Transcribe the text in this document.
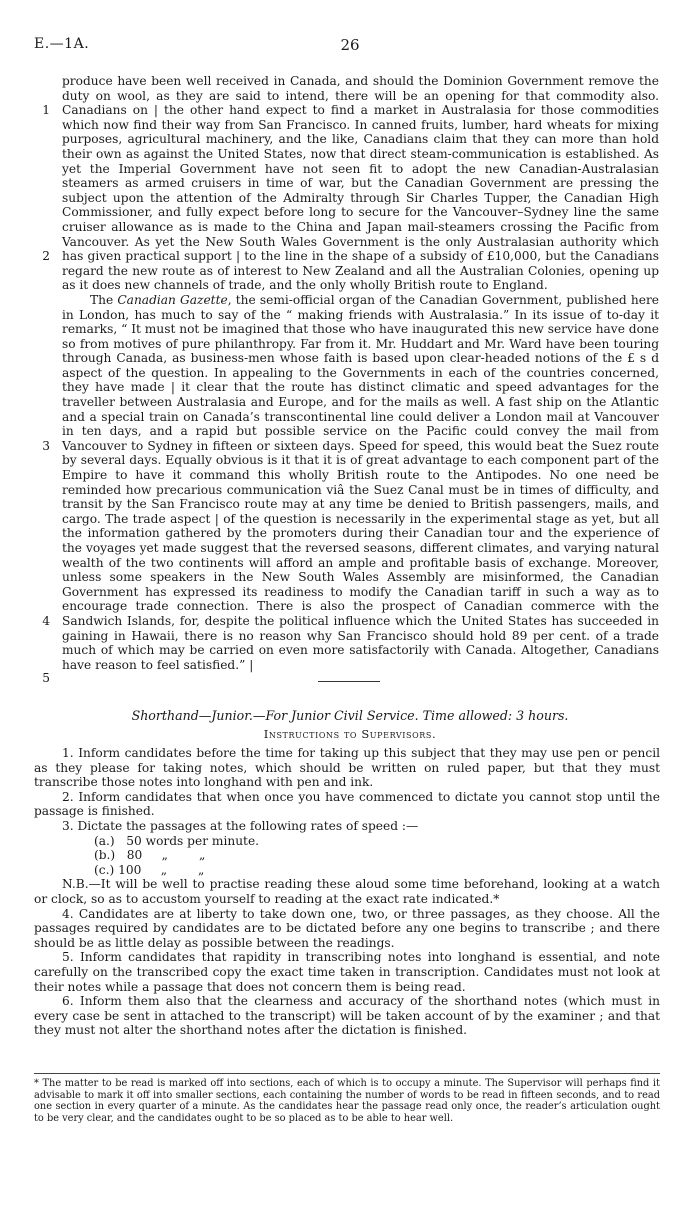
E.—1A.	26
1
2
3
4
5

produce have been well received in Canada, and should the Dominion Government remove the duty on wool, as they are said to intend, there will be an opening for that commodity also. Canadians on | the other hand expect to find a market in Australasia for those commodities which now find their way from San Francisco. In canned fruits, lumber, hard wheats for mixing purposes, agricultural machinery, and the like, Canadians claim that they can more than hold their own as against the United States, now that direct steam-communication is established. As yet the Imperial Government have not seen fit to adopt the new Canadian-Australasian steamers as armed cruisers in time of war, but the Canadian Government are pressing the subject upon the attention of the Admiralty through Sir Charles Tupper, the Canadian High Commissioner, and fully expect before long to secure for the Vancouver–Sydney line the same cruiser allowance as is made to the China and Japan mail-steamers crossing the Pacific from Vancouver. As yet the New South Wales Government is the only Australasian authority which has given practical support | to the line in the shape of a subsidy of £10,000, but the Canadians regard the new route as of interest to New Zealand and all the Australian Colonies, opening up as it does new channels of trade, and the only wholly British route to England.

The Canadian Gazette, the semi-official organ of the Canadian Government, published here in London, has much to say of the “ making friends with Australasia.” In its issue of to-day it remarks, “ It must not be imagined that those who have inaugurated this new service have done so from motives of pure philanthropy. Far from it. Mr. Huddart and Mr. Ward have been touring through Canada, as business-men whose faith is based upon clear-headed notions of the £ s d aspect of the question. In appealing to the Governments in each of the countries concerned, they have made | it clear that the route has distinct climatic and speed advantages for the traveller between Australasia and Europe, and for the mails as well. A fast ship on the Atlantic and a special train on Canada’s transcontinental line could deliver a London mail at Vancouver in ten days, and a rapid but possible service on the Pacific could convey the mail from Vancouver to Sydney in fifteen or sixteen days. Speed for speed, this would beat the Suez route by several days. Equally obvious is it that it is of great advantage to each component part of the Empire to have it command this wholly British route to the Antipodes. No one need be reminded how precarious communication viâ the Suez Canal must be in times of difficulty, and transit by the San Francisco route may at any time be denied to British passengers, mails, and cargo. The trade aspect | of the question is necessarily in the experimental stage as yet, but all the information gathered by the promoters during their Canadian tour and the experience of the voyages yet made suggest that the reversed seasons, different climates, and varying natural wealth of the two continents will afford an ample and profitable basis of exchange. Moreover, unless some speakers in the New South Wales Assembly are misinformed, the Canadian Government has expressed its readiness to modify the Canadian tariff in such a way as to encourage trade connection. There is also the prospect of Canadian commerce with the Sandwich Islands, for, despite the political influence which the United States has succeeded in gaining in Hawaii, there is no reason why San Francisco should hold 89 per cent. of a trade much of which may be carried on even more satisfactorily with Canada. Altogether, Canadians have reason to feel satisfied.” |

Shorthand—Junior.—For Junior Civil Service. Time allowed: 3 hours.
Instructions to Supervisors.

1. Inform candidates before the time for taking up this subject that they may use pen or pencil as they please for taking notes, which should be written on ruled paper, but that they must transcribe those notes into longhand with pen and ink.

2. Inform candidates that when once you have commenced to dictate you cannot stop until the passage is finished.

3. Dictate the passages at the following rates of speed :—

(a.)   50 words per minute.
(b.)   80     „        „
(c.) 100     „        „

N.B.—It will be well to practise reading these aloud some time beforehand, looking at a watch or clock, so as to accustom yourself to reading at the exact rate indicated.*

4. Candidates are at liberty to take down one, two, or three passages, as they choose. All the passages required by candidates are to be dictated before any one begins to transcribe ; and there should be as little delay as possible between the readings.

5. Inform candidates that rapidity in transcribing notes into longhand is essential, and note carefully on the transcribed copy the exact time taken in transcription. Candidates must not look at their notes while a passage that does not concern them is being read.

6. Inform them also that the clearness and accuracy of the shorthand notes (which must in every case be sent in attached to the transcript) will be taken account of by the examiner ; and that they must not alter the shorthand notes after the dictation is finished.

* The matter to be read is marked off into sections, each of which is to occupy a minute. The Supervisor will perhaps find it advisable to mark it off into smaller sections, each containing the number of words to be read in fifteen seconds, and to read one section in every quarter of a minute. As the candidates hear the passage read only once, the reader’s articulation ought to be very clear, and the candidates ought to be so placed as to be able to hear well.
